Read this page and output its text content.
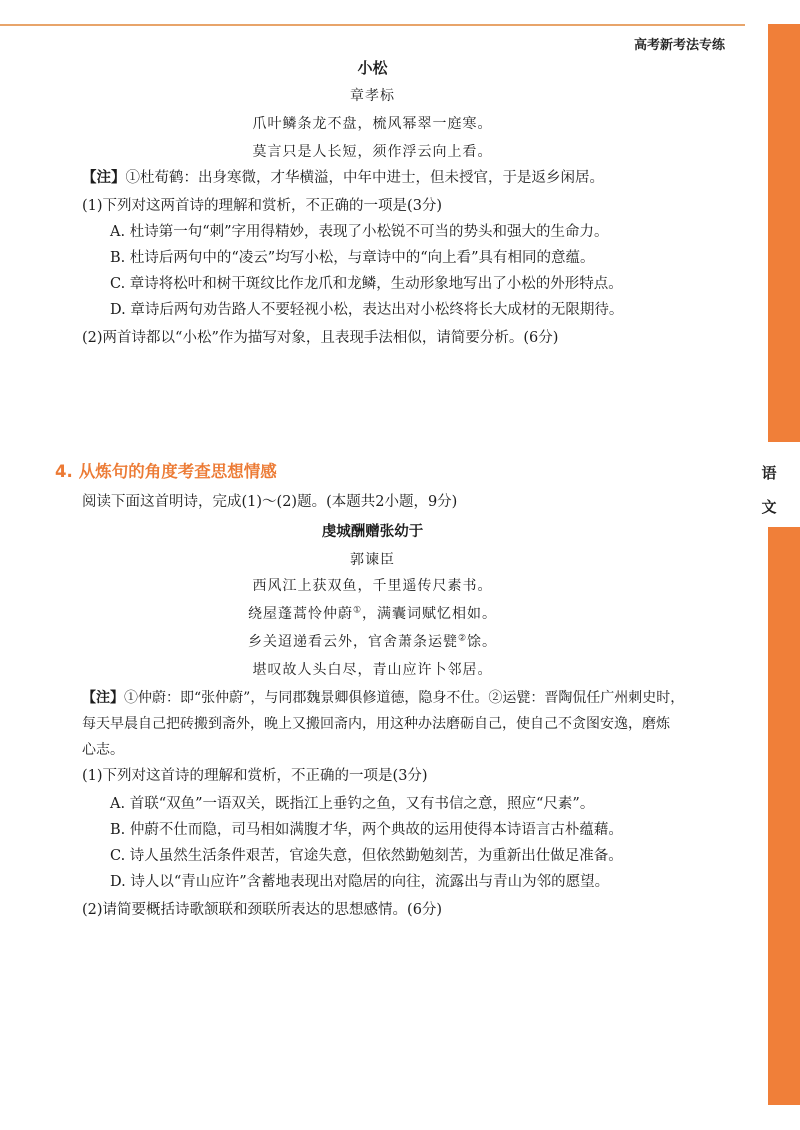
高考新考法专练
语
文
小松
章孝标
爪叶鳞条龙不盘，梳风幂翠一庭寒。
莫言只是人长短，须作浮云向上看。
【注】①杜荀鹤：出身寒微，才华横溢，中年中进士，但未授官，于是返乡闲居。
(1)下列对这两首诗的理解和赏析，不正确的一项是(3分)
A. 杜诗第一句“刺”字用得精妙，表现了小松锐不可当的势头和强大的生命力。
B. 杜诗后两句中的“凌云”均写小松，与章诗中的“向上看”具有相同的意蕴。
C. 章诗将松叶和树干斑纹比作龙爪和龙鳞，生动形象地写出了小松的外形特点。
D. 章诗后两句劝告路人不要轻视小松，表达出对小松终将长大成材的无限期待。
(2)两首诗都以“小松”作为描写对象，且表现手法相似，请简要分析。(6分)
4. 从炼句的角度考查思想情感
阅读下面这首明诗，完成(1)～(2)题。(本题共2小题，9分)
虔城酬赠张幼于
郭谏臣
西风江上获双鱼，千里遥传尺素书。
绕屋蓬蒿怜仲蔚①，满囊词赋忆相如。
乡关迢递看云外，官舍萧条运甓②馀。
堪叹故人头白尽，青山应许卜邻居。
【注】①仲蔚：即“张仲蔚”，与同郡魏景卿俱修道德，隐身不仕。②运甓：晋陶侃任广州刺史时，
每天早晨自己把砖搬到斋外，晚上又搬回斋内，用这种办法磨砺自己，使自己不贪图安逸，磨炼
心志。
(1)下列对这首诗的理解和赏析，不正确的一项是(3分)
A. 首联“双鱼”一语双关，既指江上垂钓之鱼，又有书信之意，照应“尺素”。
B. 仲蔚不仕而隐，司马相如满腹才华，两个典故的运用使得本诗语言古朴蕴藉。
C. 诗人虽然生活条件艰苦，官途失意，但依然勤勉刻苦，为重新出仕做足准备。
D. 诗人以“青山应许”含蓄地表现出对隐居的向往，流露出与青山为邻的愿望。
(2)请简要概括诗歌颔联和颈联所表达的思想感情。(6分)
